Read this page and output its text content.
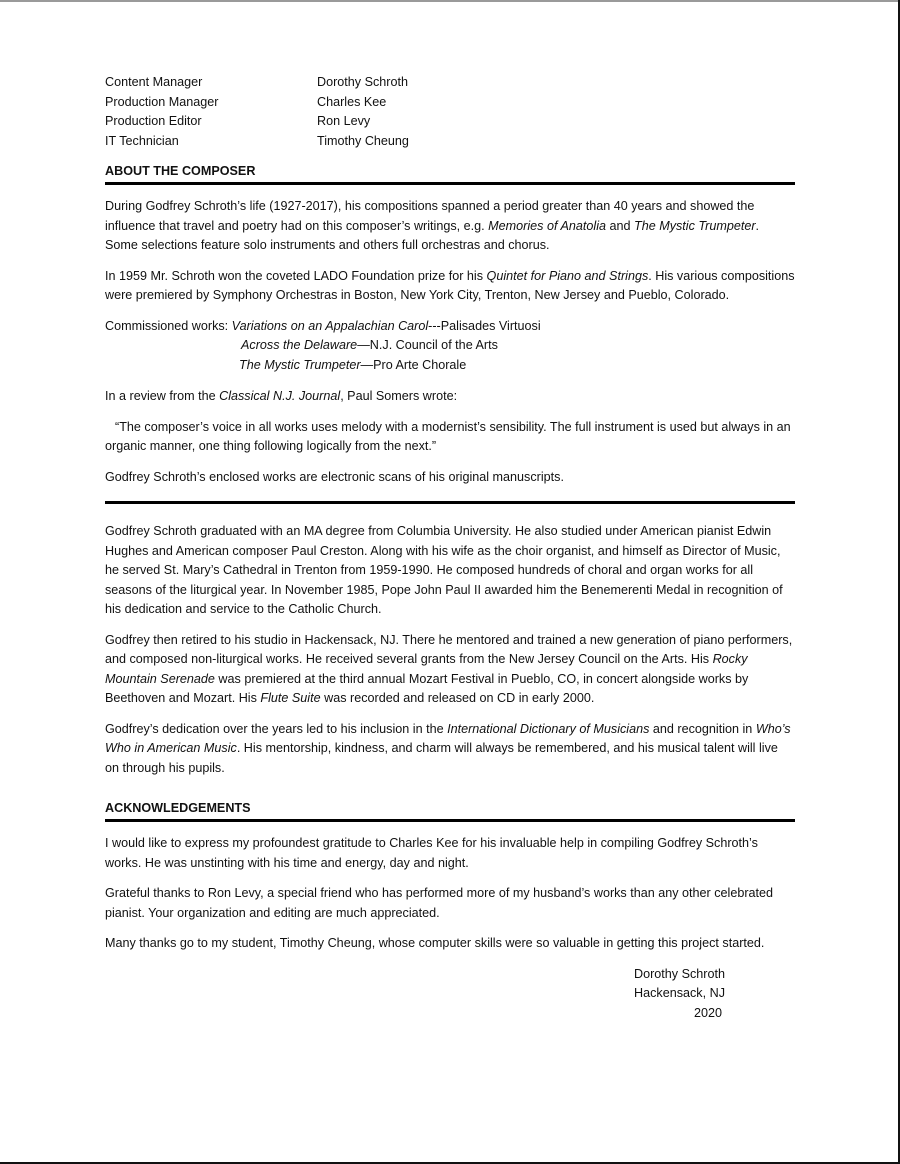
Content Manager	Dorothy Schroth
Production Manager	Charles Kee
Production Editor	Ron Levy
IT Technician	Timothy Cheung
ABOUT THE COMPOSER

During Godfrey Schroth’s life (1927-2017), his compositions spanned a period greater than 40 years and showed the influence that travel and poetry had on this composer’s writings, e.g. Memories of Anatolia and The Mystic Trumpeter. Some selections feature solo instruments and others full orchestras and chorus.

In 1959 Mr. Schroth won the coveted LADO Foundation prize for his Quintet for Piano and Strings. His various compositions were premiered by Symphony Orchestras in Boston, New York City, Trenton, New Jersey and Pueblo, Colorado.

Commissioned works: Variations on an Appalachian Carol---Palisades Virtuosi
Across the Delaware—N.J. Council of the Arts
The Mystic Trumpeter—Pro Arte Chorale

In a review from the Classical N.J. Journal, Paul Somers wrote:

“The composer’s voice in all works uses melody with a modernist’s sensibility. The full instrument is used but always in an organic manner, one thing following logically from the next.”

Godfrey Schroth’s enclosed works are electronic scans of his original manuscripts.

Godfrey Schroth graduated with an MA degree from Columbia University. He also studied under American pianist Edwin Hughes and American composer Paul Creston. Along with his wife as the choir organist, and himself as Director of Music, he served St. Mary’s Cathedral in Trenton from 1959-1990. He composed hundreds of choral and organ works for all seasons of the liturgical year. In November 1985, Pope John Paul II awarded him the Benemerenti Medal in recognition of his dedication and service to the Catholic Church.

Godfrey then retired to his studio in Hackensack, NJ. There he mentored and trained a new generation of piano performers, and composed non-liturgical works. He received several grants from the New Jersey Council on the Arts. His Rocky Mountain Serenade was premiered at the third annual Mozart Festival in Pueblo, CO, in concert alongside works by Beethoven and Mozart. His Flute Suite was recorded and released on CD in early 2000.

Godfrey’s dedication over the years led to his inclusion in the International Dictionary of Musicians and recognition in Who’s Who in American Music. His mentorship, kindness, and charm will always be remembered, and his musical talent will live on through his pupils.

ACKNOWLEDGEMENTS

I would like to express my profoundest gratitude to Charles Kee for his invaluable help in compiling Godfrey Schroth’s works. He was unstinting with his time and energy, day and night.

Grateful thanks to Ron Levy, a special friend who has performed more of my husband’s works than any other celebrated pianist. Your organization and editing are much appreciated.

Many thanks go to my student, Timothy Cheung, whose computer skills were so valuable in getting this project started.

Dorothy Schroth
Hackensack, NJ
2020
